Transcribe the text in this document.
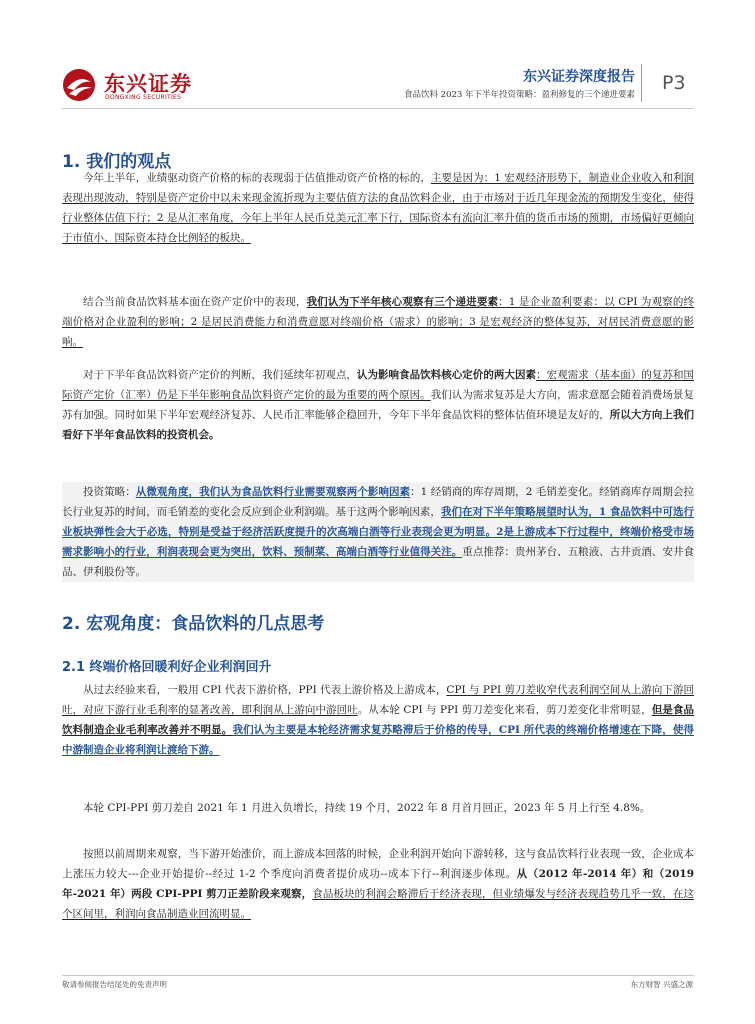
东兴证券
DONGXING SECURITIES
东兴证券深度报告
食品饮料 2023 年下半年投资策略：盈利修复的三个递进要素
P3
1. 我们的观点

今年上半年，业绩驱动资产价格的标的表现弱于估值推动资产价格的标的，主要是因为：1 宏观经济形势下，制造业企业收入和利润表现出现波动，特别是资产定价中以未来现金流折现为主要估值方法的食品饮料企业，由于市场对于近几年现金流的预期发生变化，使得行业整体估值下行；2 是从汇率角度，今年上半年人民币兑美元汇率下行，国际资本有流向汇率升值的货币市场的预期，市场偏好更倾向于市值小、国际资本持仓比例轻的板块。

结合当前食品饮料基本面在资产定价中的表现，我们认为下半年核心观察有三个递进要素：1 是企业盈利要素：以 CPI 为观察的终端价格对企业盈利的影响；2 是居民消费能力和消费意愿对终端价格（需求）的影响；3 是宏观经济的整体复苏，对居民消费意愿的影响。

对于下半年食品饮料资产定价的判断，我们延续年初观点，认为影响食品饮料核心定价的两大因素：宏观需求（基本面）的复苏和国际资产定价（汇率）仍是下半年影响食品饮料资产定价的最为重要的两个原因。我们认为需求复苏是大方向，需求意愿会随着消费场景复苏有加强。同时如果下半年宏观经济复苏、人民币汇率能够企稳回升，今年下半年食品饮料的整体估值环境是友好的，所以大方向上我们看好下半年食品饮料的投资机会。

投资策略：从微观角度，我们认为食品饮料行业需要观察两个影响因素：1 经销商的库存周期，2 毛销差变化。经销商库存周期会拉长行业复苏的时间，而毛销差的变化会反应到企业利润端。基于这两个影响因素，我们在对下半年策略展望时认为，1 食品饮料中可选行业板块弹性会大于必选，特别是受益于经济活跃度提升的次高端白酒等行业表现会更为明显。2是上游成本下行过程中，终端价格受市场需求影响小的行业，利润表现会更为突出，饮料、预制菜、高端白酒等行业值得关注。重点推荐：贵州茅台、五粮液、古井贡酒、安井食品、伊利股份等。

2. 宏观角度：食品饮料的几点思考
2.1 终端价格回暖利好企业利润回升

从过去经验来看，一般用 CPI 代表下游价格，PPI 代表上游价格及上游成本，CPI 与 PPI 剪刀差收窄代表利润空间从上游向下游回吐，对应下游行业毛利率的显著改善，即利润从上游向中游回吐。从本轮 CPI 与 PPI 剪刀差变化来看，剪刀差变化非常明显，但是食品饮料制造企业毛利率改善并不明显。我们认为主要是本轮经济需求复苏略滞后于价格的传导，CPI 所代表的终端价格增速在下降，使得中游制造企业将利润让渡给下游。

本轮 CPI-PPI 剪刀差自 2021 年 1 月进入负增长，持续 19 个月，2022 年 8 月首月回正，2023 年 5 月上行至 4.8%。

按照以前周期来观察，当下游开始涨价，而上游成本回落的时候，企业利润开始向下游转移，这与食品饮料行业表现一致，企业成本上涨压力较大---企业开始提价--经过 1-2 个季度向消费者提价成功--成本下行--利润逐步体现。从（2012 年-2014 年）和（2019 年-2021 年）两段 CPI-PPI 剪刀正差阶段来观察，食品板块的利润会略滞后于经济表现，但业绩爆发与经济表现趋势几乎一致，在这个区间里，利润向食品制造业回流明显。

敬请参阅报告结尾处的免责声明	东方财智 兴盛之源
